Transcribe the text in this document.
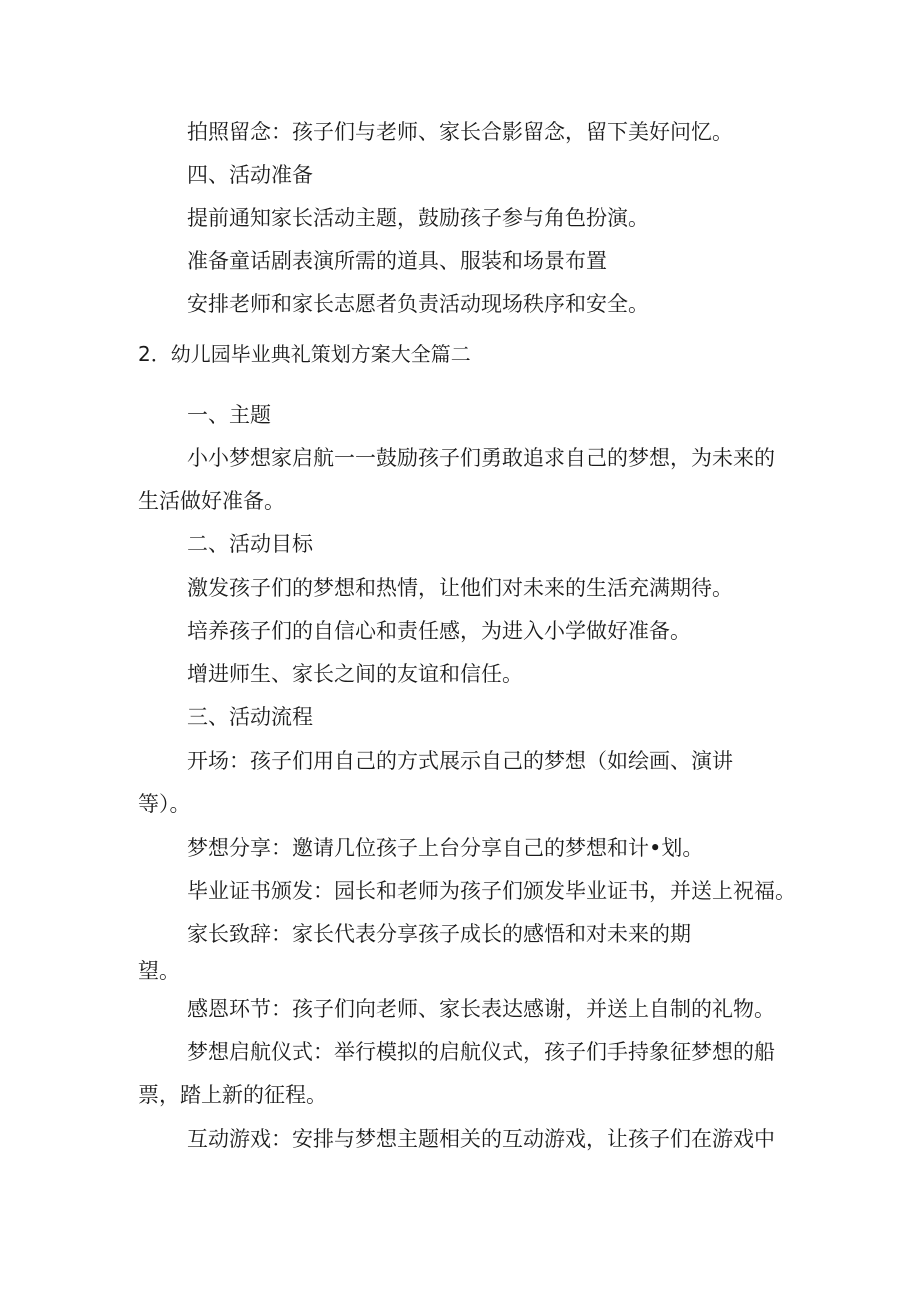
拍照留念：孩子们与老师、家长合影留念，留下美好问忆。

四、活动准备

提前通知家长活动主题，鼓励孩子参与角色扮演。

准备童话剧表演所需的道具、服装和场景布置

安排老师和家长志愿者负责活动现场秩序和安全。

2．幼儿园毕业典礼策划方案大全篇二

一、主题

小小梦想家启航一一鼓励孩子们勇敢追求自己的梦想，为未来的

生活做好准备。

二、活动目标

激发孩子们的梦想和热情，让他们对未来的生活充满期待。

培养孩子们的自信心和责任感，为进入小学做好准备。

增进师生、家长之间的友谊和信任。

三、活动流程

开场：孩子们用自己的方式展示自己的梦想（如绘画、演讲

等）。

梦想分享：邀请几位孩子上台分享自己的梦想和计•划。

毕业证书颁发：园长和老师为孩子们颁发毕业证书，并送上祝福。

家长致辞：家长代表分享孩子成长的感悟和对未来的期

望。

感恩环节：孩子们向老师、家长表达感谢，并送上自制的礼物。

梦想启航仪式：举行模拟的启航仪式，孩子们手持象征梦想的船

票，踏上新的征程。

互动游戏：安排与梦想主题相关的互动游戏，让孩子们在游戏中
